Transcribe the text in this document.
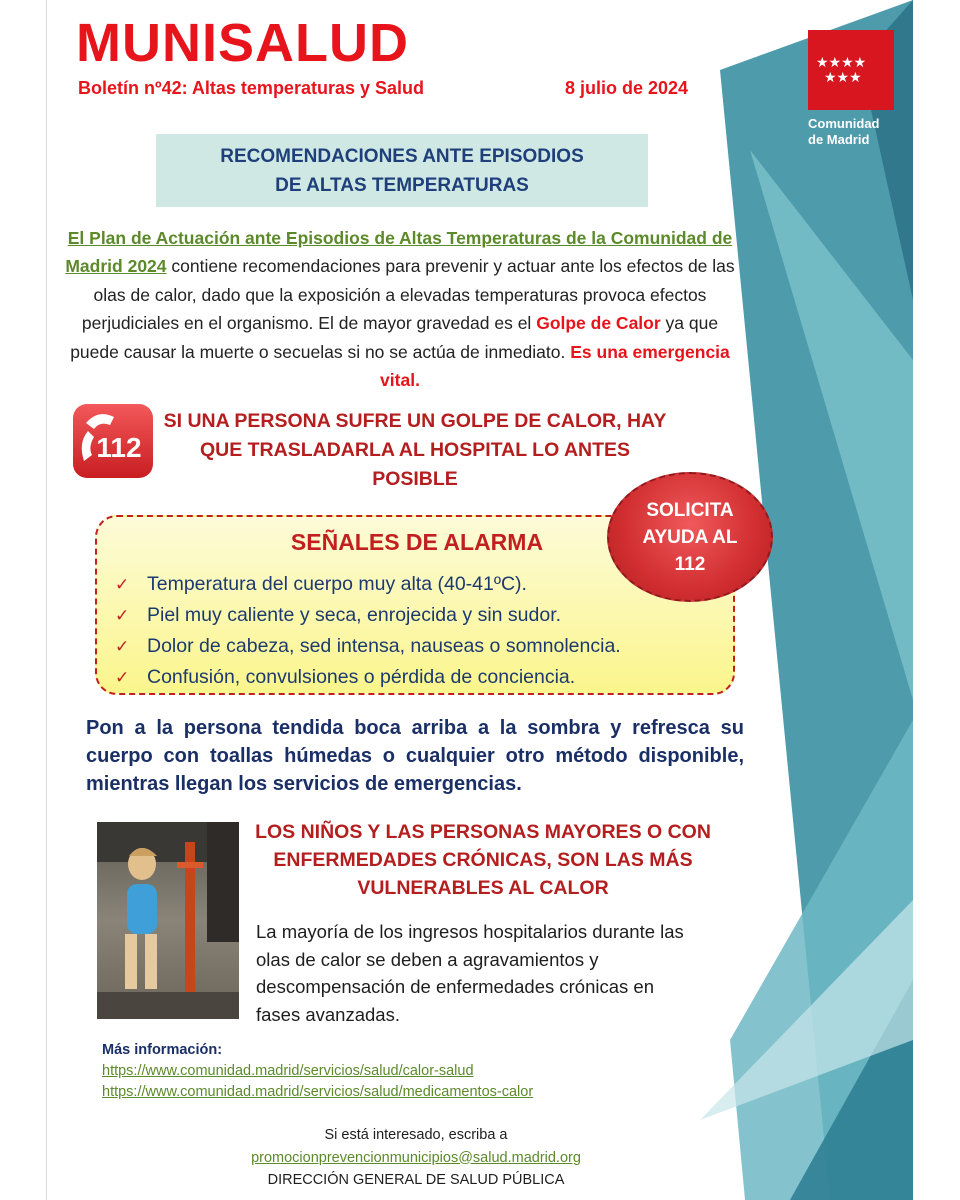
MUNISALUD
Boletín nº42: Altas temperaturas y Salud	8 julio de 2024
★★★★
★★★
Comunidad
de Madrid
RECOMENDACIONES ANTE EPISODIOS DE ALTAS TEMPERATURAS
El Plan de Actuación ante Episodios de Altas Temperaturas de la Comunidad de Madrid 2024 contiene recomendaciones para prevenir y actuar ante los efectos de las olas de calor, dado que la exposición a elevadas temperaturas provoca efectos perjudiciales en el organismo. El de mayor gravedad es el Golpe de Calor ya que puede causar la muerte o secuelas si no se actúa de inmediato. Es una emergencia vital.
112
SI UNA PERSONA SUFRE UN GOLPE DE CALOR, HAY QUE TRASLADARLA AL HOSPITAL LO ANTES POSIBLE
SEÑALES DE ALARMA
✓ Temperatura del cuerpo muy alta (40-41ºC).
✓ Piel muy caliente y seca, enrojecida y sin sudor.
✓ Dolor de cabeza, sed intensa, nauseas o somnolencia.
✓ Confusión, convulsiones o pérdida de conciencia.
SOLICITA AYUDA AL 112
Pon a la persona tendida boca arriba a la sombra y refresca su cuerpo con toallas húmedas o cualquier otro método disponible, mientras llegan los servicios de emergencias.
LOS NIÑOS Y LAS PERSONAS MAYORES O CON ENFERMEDADES CRÓNICAS, SON LAS MÁS VULNERABLES AL CALOR
La mayoría de los ingresos hospitalarios durante las olas de calor se deben a agravamientos y descompensación de enfermedades crónicas en fases avanzadas.
Más información:
https://www.comunidad.madrid/servicios/salud/calor-salud
https://www.comunidad.madrid/servicios/salud/medicamentos-calor
Si está interesado, escriba a
promocionprevencionmunicipios@salud.madrid.org
DIRECCIÓN GENERAL DE SALUD PÚBLICA
